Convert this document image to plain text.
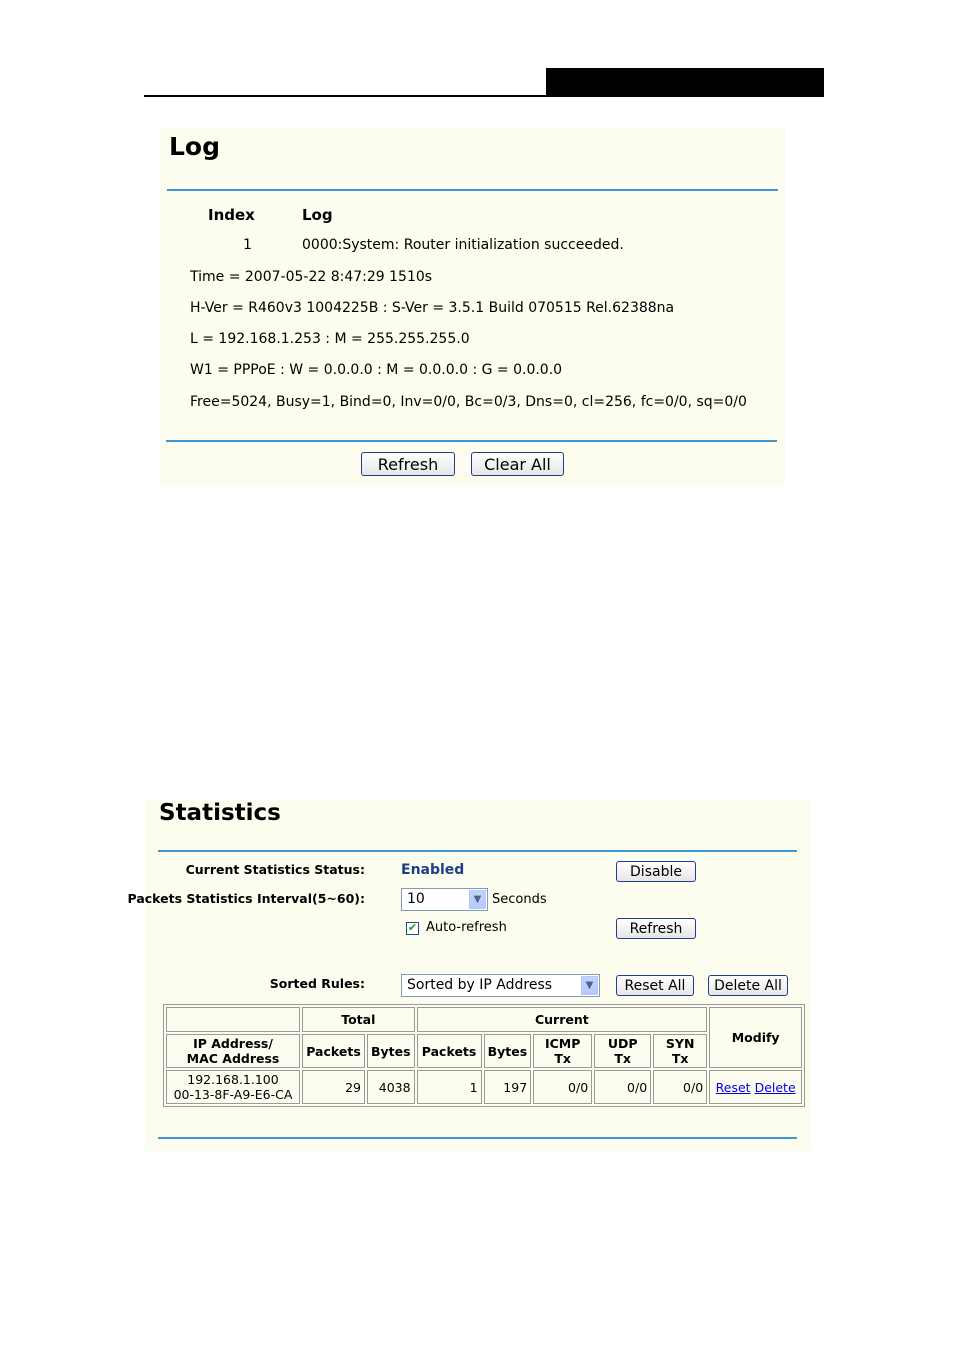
Log
Index	Log
1	0000:System: Router initialization succeeded.
Time = 2007-05-22 8:47:29 1510s
H-Ver = R460v3 1004225B : S-Ver = 3.5.1 Build 070515 Rel.62388na
L = 192.168.1.253 : M = 255.255.255.0
W1 = PPPoE : W = 0.0.0.0 : M = 0.0.0.0 : G = 0.0.0.0
Free=5024, Busy=1, Bind=0, Inv=0/0, Bc=0/3, Dns=0, cl=256, fc=0/0, sq=0/0
Refresh	Clear All
Statistics
Current Statistics Status:	Enabled	Disable
Packets Statistics Interval(5~60):	10	▼ Seconds
✔ Auto-refresh	Refresh
Sorted Rules:	Sorted by IP Address	▼	Reset All	Delete All
	Total		Current					Modify

IP Address/
MAC Address	Packets	Bytes	Packets	Bytes	ICMP Tx	UDP Tx	SYN Tx	

192.168.1.100
00-13-8F-A9-E6-CA	29	4038	1	197	0/0	0/0	0/0	Reset Delete
